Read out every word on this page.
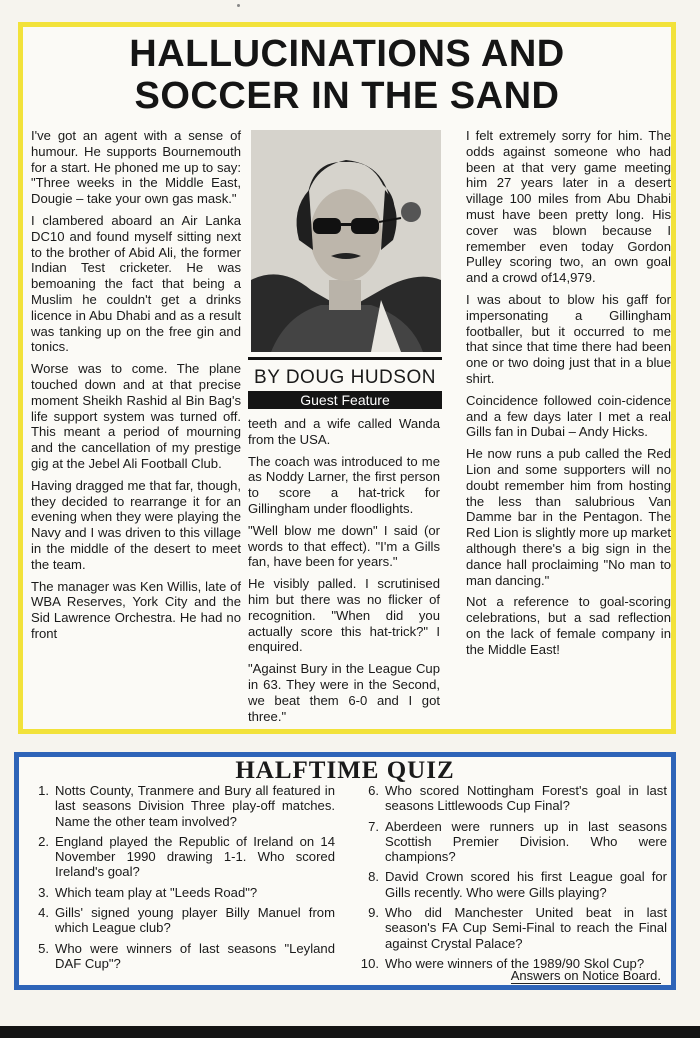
HALLUCINATIONS AND
SOCCER IN THE SAND

I've got an agent with a sense of humour. He supports Bournemouth for a start. He phoned me up to say: "Three weeks in the Middle East, Dougie – take your own gas mask."

I clambered aboard an Air Lanka DC10 and found myself sitting next to the brother of Abid Ali, the former Indian Test cricketer. He was bemoaning the fact that being a Muslim he couldn't get a drinks licence in Abu Dhabi and as a result was tanking up on the free gin and tonics.

Worse was to come. The plane touched down and at that precise moment Sheikh Rashid al Bin Bag's life support system was turned off. This meant a period of mourning and the cancellation of my prestige gig at the Jebel Ali Football Club.

Having dragged me that far, though, they decided to rearrange it for an evening when they were playing the Navy and I was driven to this village in the middle of the desert to meet the team.

The manager was Ken Willis, late of WBA Reserves, York City and the Sid Lawrence Orchestra. He had no front

BY DOUG HUDSON
Guest Feature

teeth and a wife called Wanda from the USA.

The coach was introduced to me as Noddy Larner, the first person to score a hat-trick for Gillingham under floodlights.

"Well blow me down" I said (or words to that effect). "I'm a Gills fan, have been for years."

He visibly palled. I scrutinised him but there was no flicker of recognition. "When did you actually score this hat-trick?" I enquired.

"Against Bury in the League Cup in 63. They were in the Second, we beat them 6-0 and I got three."

I felt extremely sorry for him. The odds against someone who had been at that very game meeting him 27 years later in a desert village 100 miles from Abu Dhabi must have been pretty long. His cover was blown because I remember even today Gordon Pulley scoring two, an own goal and a crowd of14,979.

I was about to blow his gaff for impersonating a Gillingham footballer, but it occurred to me that since that time there had been one or two doing just that in a blue shirt.

Coincidence followed coin-cidence and a few days later I met a real Gills fan in Dubai – Andy Hicks.

He now runs a pub called the Red Lion and some supporters will no doubt remember him from hosting the less than salubrious Van Damme bar in the Pentagon. The Red Lion is slightly more up market although there's a big sign in the dance hall proclaiming "No man to man dancing."

Not a reference to goal-scoring celebrations, but a sad reflection on the lack of female company in the Middle East!

HALFTIME QUIZ
1. Notts County, Tranmere and Bury all featured in last seasons Division Three play-off matches. Name the other team involved?
2. England played the Republic of Ireland on 14 November 1990 drawing 1-1. Who scored Ireland's goal?
3. Which team play at "Leeds Road"?
4. Gills' signed young player Billy Manuel from which League club?
5. Who were winners of last seasons "Leyland DAF Cup"?
6. Who scored Nottingham Forest's goal in last seasons Littlewoods Cup Final?
7. Aberdeen were runners up in last seasons Scottish Premier Division. Who were champions?
8. David Crown scored his first League goal for Gills recently. Who were Gills playing?
9. Who did Manchester United beat in last season's FA Cup Semi-Final to reach the Final against Crystal Palace?
10. Who were winners of the 1989/90 Skol Cup?
Answers on Notice Board.
